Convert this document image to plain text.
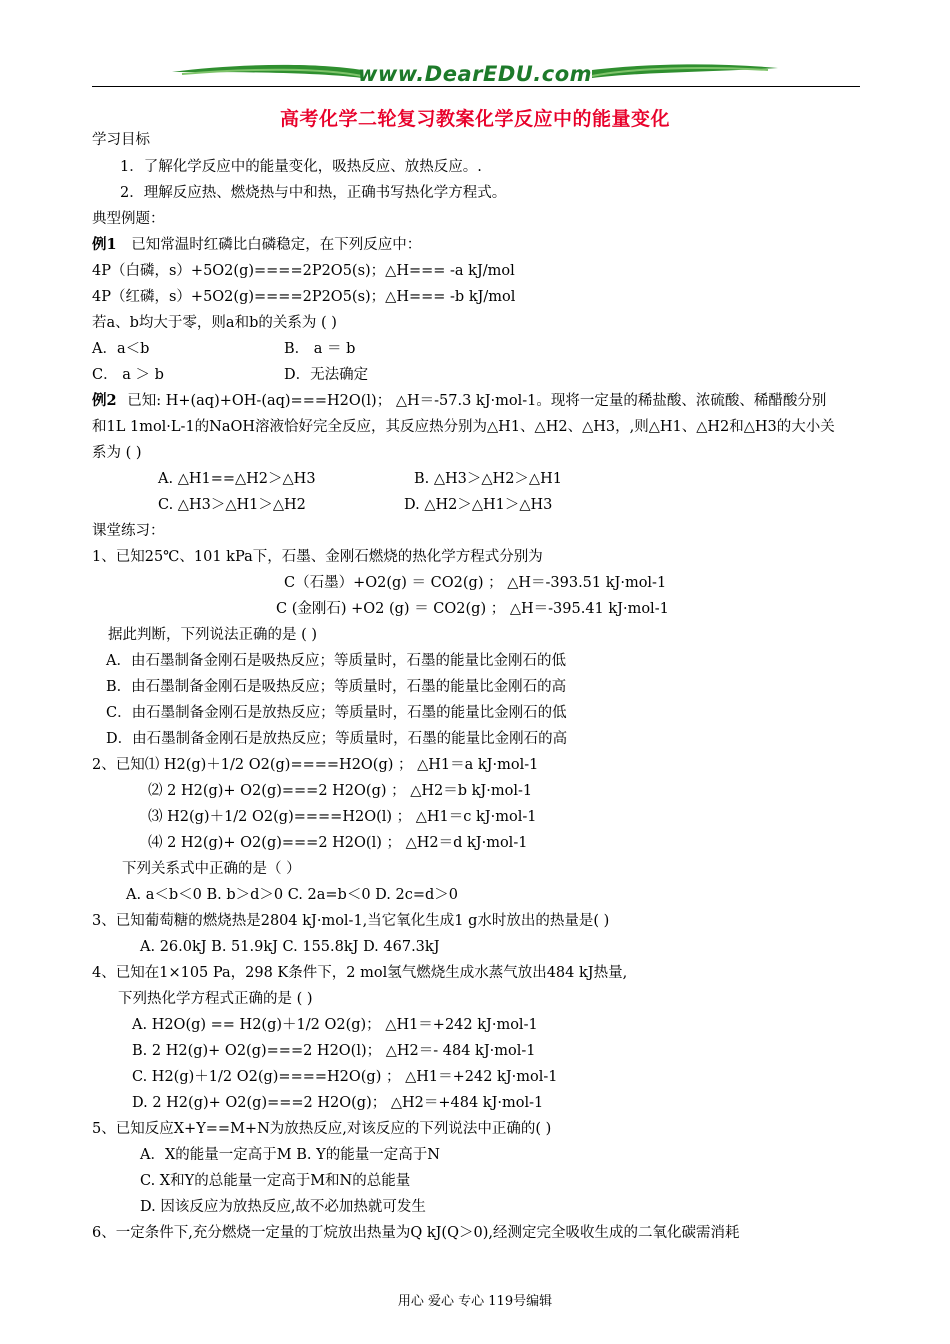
www.DearEDU.com
高考化学二轮复习教案化学反应中的能量变化
学习目标
1．了解化学反应中的能量变化，吸热反应、放热反应。.
2．理解反应热、燃烧热与中和热，正确书写热化学方程式。
典型例题：
例1 已知常温时红磷比白磷稳定，在下列反应中：
4P（白磷，s）+5O2(g)====2P2O5(s)；△H=== -a kJ/mol
4P（红磷，s）+5O2(g)====2P2O5(s)；△H=== -b kJ/mol
若a、b均大于零，则a和b的关系为 ( )
A．a＜b	B． a ＝ b
C． a ＞ b	D．无法确定
例2 已知: H+(aq)+OH-(aq)===H2O(l)； △H＝-57.3 kJ·mol-1。现将一定量的稀盐酸、浓硫酸、稀醋酸分别
和1L 1mol·L-1的NaOH溶液恰好完全反应，其反应热分别为△H1、△H2、△H3，,则△H1、△H2和△H3的大小关
系为 ( )
A. △H1==△H2＞△H3	B. △H3＞△H2＞△H1
C. △H3＞△H1＞△H2	D. △H2＞△H1＞△H3
课堂练习：
1、已知25℃、101 kPa下，石墨、金刚石燃烧的热化学方程式分别为
C（石墨）+O2(g) ＝ CO2(g) ； △H＝-393.51 kJ·mol-1
C (金刚石) +O2 (g) ＝ CO2(g) ； △H＝-395.41 kJ·mol-1
据此判断，下列说法正确的是 ( )
A．由石墨制备金刚石是吸热反应；等质量时，石墨的能量比金刚石的低
B．由石墨制备金刚石是吸热反应；等质量时，石墨的能量比金刚石的高
C．由石墨制备金刚石是放热反应；等质量时，石墨的能量比金刚石的低
D．由石墨制备金刚石是放热反应；等质量时，石墨的能量比金刚石的高
2、已知⑴ H2(g)＋1/2 O2(g)====H2O(g) ； △H1＝a kJ·mol-1
⑵ 2 H2(g)+ O2(g)===2 H2O(g) ； △H2＝b kJ·mol-1
⑶ H2(g)＋1/2 O2(g)====H2O(l) ； △H1＝c kJ·mol-1
⑷ 2 H2(g)+ O2(g)===2 H2O(l) ； △H2＝d kJ·mol-1
下列关系式中正确的是（ ）
A. a＜b＜0 B. b＞d＞0 C. 2a=b＜0 D. 2c=d＞0
3、已知葡萄糖的燃烧热是2804 kJ·mol-1,当它氧化生成1 g水时放出的热量是( )
A. 26.0kJ B. 51.9kJ C. 155.8kJ D. 467.3kJ
4、已知在1×105 Pa，298 K条件下，2 mol氢气燃烧生成水蒸气放出484 kJ热量,
下列热化学方程式正确的是 ( )
A. H2O(g) == H2(g)＋1/2 O2(g)； △H1＝+242 kJ·mol-1
B. 2 H2(g)+ O2(g)===2 H2O(l)； △H2＝- 484 kJ·mol-1
C. H2(g)＋1/2 O2(g)====H2O(g) ； △H1＝+242 kJ·mol-1
D. 2 H2(g)+ O2(g)===2 H2O(g)； △H2＝+484 kJ·mol-1
5、已知反应X+Y==M+N为放热反应,对该反应的下列说法中正确的( )
A．X的能量一定高于M B. Y的能量一定高于N
C. X和Y的总能量一定高于M和N的总能量
D. 因该反应为放热反应,故不必加热就可发生
6、一定条件下,充分燃烧一定量的丁烷放出热量为Q kJ(Q＞0),经测定完全吸收生成的二氧化碳需消耗
用心 爱心 专心 119号编辑
